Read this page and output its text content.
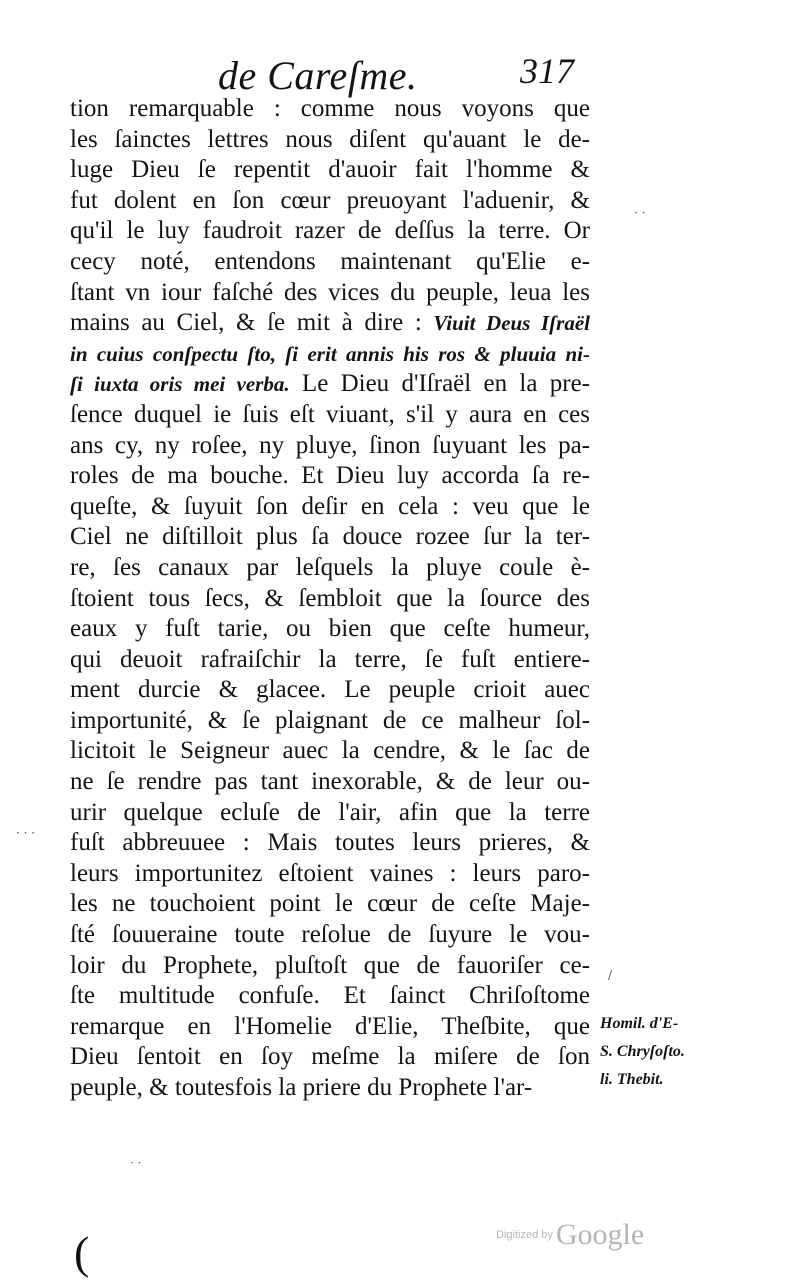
de Careſme.	317
tion remarquable : comme nous voyons que
les ſainctes lettres nous diſent qu'auant le de-
luge Dieu ſe repentit d'auoir fait l'homme &
fut dolent en ſon cœur preuoyant l'aduenir, &
qu'il le luy faudroit razer de deſſus la terre. Or
cecy noté, entendons maintenant qu'Elie e-
ſtant vn iour faſché des vices du peuple, leua les
mains au Ciel, & ſe mit à dire : Viuit Deus Iſraël
in cuius conſpectu ſto, ſi erit annis his ros & pluuia ni-
ſi iuxta oris mei verba. Le Dieu d'Iſraël en la pre-
ſence duquel ie ſuis eſt viuant, s'il y aura en ces
ans cy, ny roſee, ny pluye, ſinon ſuyuant les pa-
roles de ma bouche. Et Dieu luy accorda ſa re-
queſte, & ſuyuit ſon deſir en cela : veu que le
Ciel ne diſtilloit plus ſa douce rozee ſur la ter-
re, ſes canaux par leſquels la pluye coule è-
ſtoient tous ſecs, & ſembloit que la ſource des
eaux y fuſt tarie, ou bien que ceſte humeur,
qui deuoit rafraiſchir la terre, ſe fuſt entiere-
ment durcie & glacee. Le peuple crioit auec
importunité, & ſe plaignant de ce malheur ſol-
licitoit le Seigneur auec la cendre, & le ſac de
ne ſe rendre pas tant inexorable, & de leur ou-
urir quelque ecluſe de l'air, afin que la terre
fuſt abbreuuee : Mais toutes leurs prieres, &
leurs importunitez eſtoient vaines : leurs paro-
les ne touchoient point le cœur de ceſte Maje-
ſté ſouueraine toute reſolue de ſuyure le vou-
loir du Prophete, pluſtoſt que de fauoriſer ce-
ſte multitude confuſe. Et ſainct Chriſoſtome
remarque en l'Homelie d'Elie, Theſbite, que
Dieu ſentoit en ſoy meſme la miſere de ſon
peuple, & toutesfois la priere du Prophete l'ar-
Homil. d'E-
S. Chryſoſto.
li. Thebit.
· ·
· · ·
· ·
/
(	Digitized by Google
